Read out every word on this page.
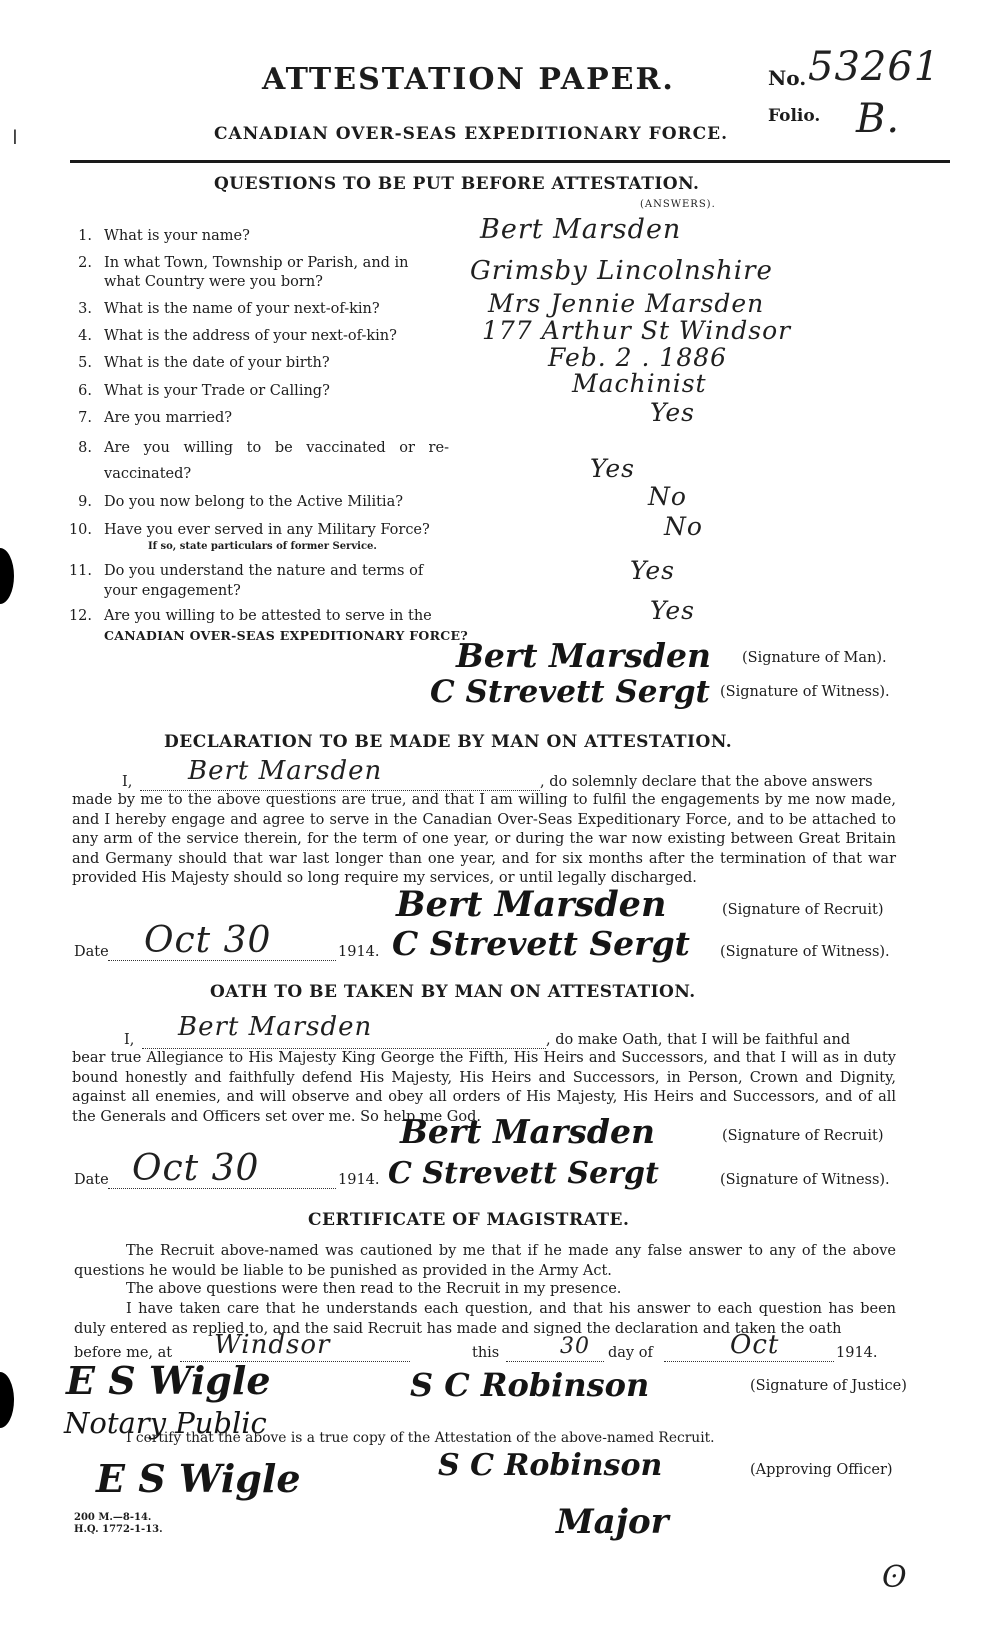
ǀ
ATTESTATION PAPER.
CANADIAN OVER-SEAS EXPEDITIONARY FORCE.
No. 53261
Folio. B.
QUESTIONS TO BE PUT BEFORE ATTESTATION.
(ANSWERS).
1. What is your name?	Bert Marsden
2. In what Town, Township or Parish, and in
what Country were you born?	Grimsby Lincolnshire
3. What is the name of your next-of-kin?	Mrs Jennie Marsden
4. What is the address of your next-of-kin?	177 Arthur St Windsor
5. What is the date of your birth?	Feb. 2 . 1886
6. What is your Trade or Calling?	Machinist
7. Are you married?	Yes
8. Are you willing to be vaccinated or re-
vaccinated?	Yes
9. Do you now belong to the Active Militia?	No
10. Have you ever served in any Military Force?
If so, state particulars of former Service.
No
11. Do you understand the nature and terms of
your engagement?
Yes
12. Are you willing to be attested to serve in the
CANADIAN OVER-SEAS EXPEDITIONARY FORCE?
Yes
Bert Marsden (Signature of Man).
C Strevett Sergt (Signature of Witness).
DECLARATION TO BE MADE BY MAN ON ATTESTATION.
I, Bert Marsden	, do solemnly declare that the above answers
made by me to the above questions are true, and that I am willing to fulfil the engagements by me now made, and I hereby engage and agree to serve in the Canadian Over-Seas Expeditionary Force, and to be attached to any arm of the service therein, for the term of one year, or during the war now existing between Great Britain and Germany should that war last longer than one year, and for six months after the termination of that war provided His Majesty should so long require my services, or until legally discharged.
Bert Marsden	(Signature of Recruit)
Date Oct 30	1914. C Strevett Sergt (Signature of Witness).
OATH TO BE TAKEN BY MAN ON ATTESTATION.
I, Bert Marsden	, do make Oath, that I will be faithful and
bear true Allegiance to His Majesty King George the Fifth, His Heirs and Successors, and that I will as in duty bound honestly and faithfully defend His Majesty, His Heirs and Successors, in Person, Crown and Dignity, against all enemies, and will observe and obey all orders of His Majesty, His Heirs and Successors, and of all the Generals and Officers set over me. So help me God.
Bert Marsden	(Signature of Recruit)
Date Oct 30	1914. C Strevett Sergt	(Signature of Witness).
CERTIFICATE OF MAGISTRATE.
The Recruit above-named was cautioned by me that if he made any false answer to any of the above questions he would be liable to be punished as provided in the Army Act.
The above questions were then read to the Recruit in my presence.
I have taken care that he understands each question, and that his answer to each question has been duly entered as replied to, and the said Recruit has made and signed the declaration and taken the oath
before me, at Windsor	this	30 day of	Oct	1914.
S C Robinson	(Signature of Justice)
E S Wigle
Notary Public
I certify that the above is a true copy of the Attestation of the above-named Recruit.
E S Wigle	S C Robinson	(Approving Officer)
Major
200 M.—8-14.
H.Q. 1772-1-13.
ʘ
